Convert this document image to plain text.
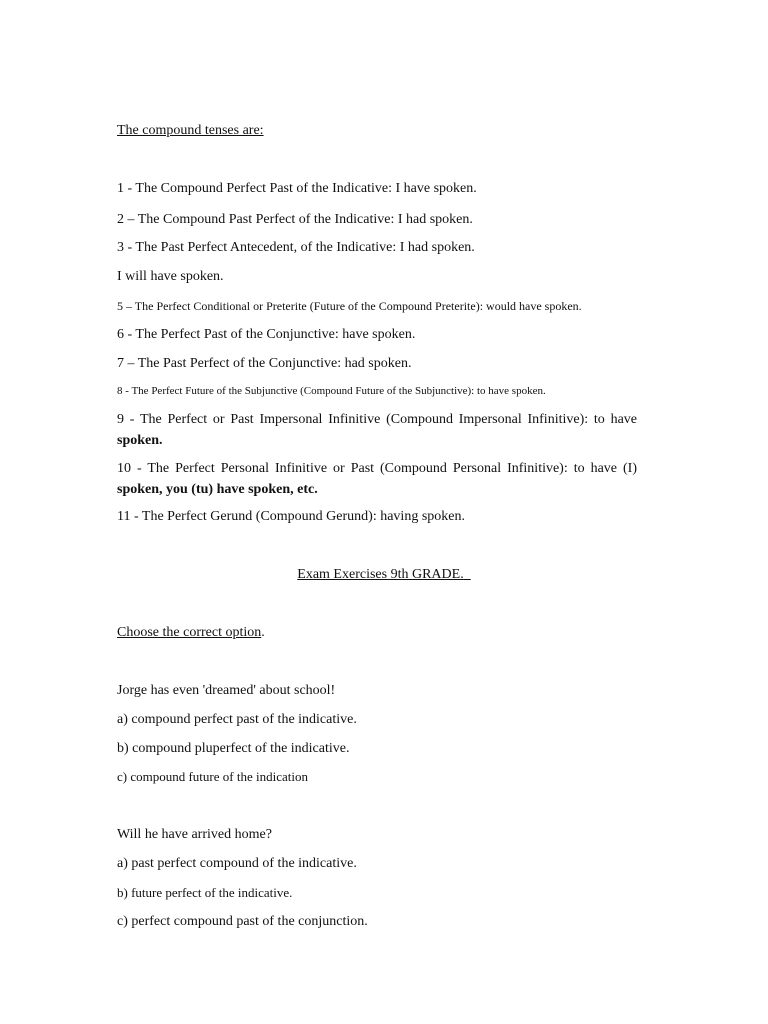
The compound tenses are:

1 - The Compound Perfect Past of the Indicative: I have spoken.

2 – The Compound Past Perfect of the Indicative: I had spoken.

3 - The Past Perfect Antecedent, of the Indicative: I had spoken.

I will have spoken.

5 – The Perfect Conditional or Preterite (Future of the Compound Preterite): would have spoken.

6 - The Perfect Past of the Conjunctive: have spoken.

7 – The Past Perfect of the Conjunctive: had spoken.

8 - The Perfect Future of the Subjunctive (Compound Future of the Subjunctive): to have spoken.

9 - The Perfect or Past Impersonal Infinitive (Compound Impersonal Infinitive): to have

spoken.

10 - The Perfect Personal Infinitive or Past (Compound Personal Infinitive): to have (I)

spoken, you (tu) have spoken, etc.

11 - The Perfect Gerund (Compound Gerund): having spoken.

Exam Exercises 9th GRADE.

Choose the correct option.

Jorge has even 'dreamed' about school!

a) compound perfect past of the indicative.

b) compound pluperfect of the indicative.

c) compound future of the indication

Will he have arrived home?

a) past perfect compound of the indicative.

b) future perfect of the indicative.

c) perfect compound past of the conjunction.
